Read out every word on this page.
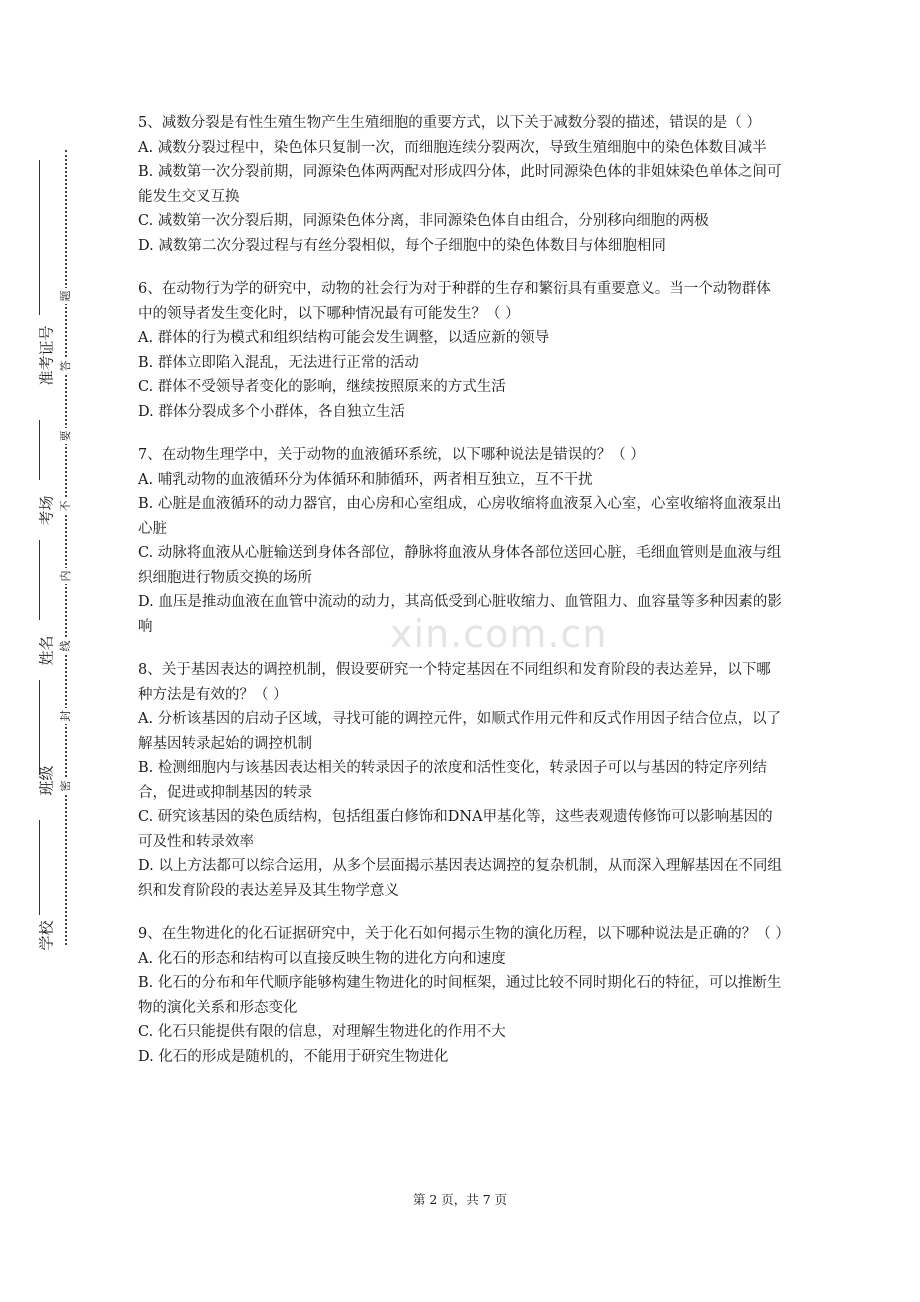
准考证号
考场
姓名
班级
学校
题
答
要
不
内
线
封
密
xin.com.cn

5、减数分裂是有性生殖生物产生生殖细胞的重要方式，以下关于减数分裂的描述，错误的是（ ）

A. 减数分裂过程中，染色体只复制一次，而细胞连续分裂两次，导致生殖细胞中的染色体数目减半

B. 减数第一次分裂前期，同源染色体两两配对形成四分体，此时同源染色体的非姐妹染色单体之间可能发生交叉互换

C. 减数第一次分裂后期，同源染色体分离，非同源染色体自由组合，分别移向细胞的两极

D. 减数第二次分裂过程与有丝分裂相似，每个子细胞中的染色体数目与体细胞相同

6、在动物行为学的研究中，动物的社会行为对于种群的生存和繁衍具有重要意义。当一个动物群体中的领导者发生变化时，以下哪种情况最有可能发生？（ ）

A. 群体的行为模式和组织结构可能会发生调整，以适应新的领导

B. 群体立即陷入混乱，无法进行正常的活动

C. 群体不受领导者变化的影响，继续按照原来的方式生活

D. 群体分裂成多个小群体，各自独立生活

7、在动物生理学中，关于动物的血液循环系统，以下哪种说法是错误的？（ ）

A. 哺乳动物的血液循环分为体循环和肺循环，两者相互独立，互不干扰

B. 心脏是血液循环的动力器官，由心房和心室组成，心房收缩将血液泵入心室，心室收缩将血液泵出心脏

C. 动脉将血液从心脏输送到身体各部位，静脉将血液从身体各部位送回心脏，毛细血管则是血液与组织细胞进行物质交换的场所

D. 血压是推动血液在血管中流动的动力，其高低受到心脏收缩力、血管阻力、血容量等多种因素的影响

8、关于基因表达的调控机制，假设要研究一个特定基因在不同组织和发育阶段的表达差异，以下哪种方法是有效的？（ ）

A. 分析该基因的启动子区域，寻找可能的调控元件，如顺式作用元件和反式作用因子结合位点，以了解基因转录起始的调控机制

B. 检测细胞内与该基因表达相关的转录因子的浓度和活性变化，转录因子可以与基因的特定序列结合，促进或抑制基因的转录

C. 研究该基因的染色质结构，包括组蛋白修饰和DNA甲基化等，这些表观遗传修饰可以影响基因的可及性和转录效率

D. 以上方法都可以综合运用，从多个层面揭示基因表达调控的复杂机制，从而深入理解基因在不同组织和发育阶段的表达差异及其生物学意义

9、在生物进化的化石证据研究中，关于化石如何揭示生物的演化历程，以下哪种说法是正确的？（ ）

A. 化石的形态和结构可以直接反映生物的进化方向和速度

B. 化石的分布和年代顺序能够构建生物进化的时间框架，通过比较不同时期化石的特征，可以推断生物的演化关系和形态变化

C. 化石只能提供有限的信息，对理解生物进化的作用不大

D. 化石的形成是随机的，不能用于研究生物进化

第 2 页，共 7 页
